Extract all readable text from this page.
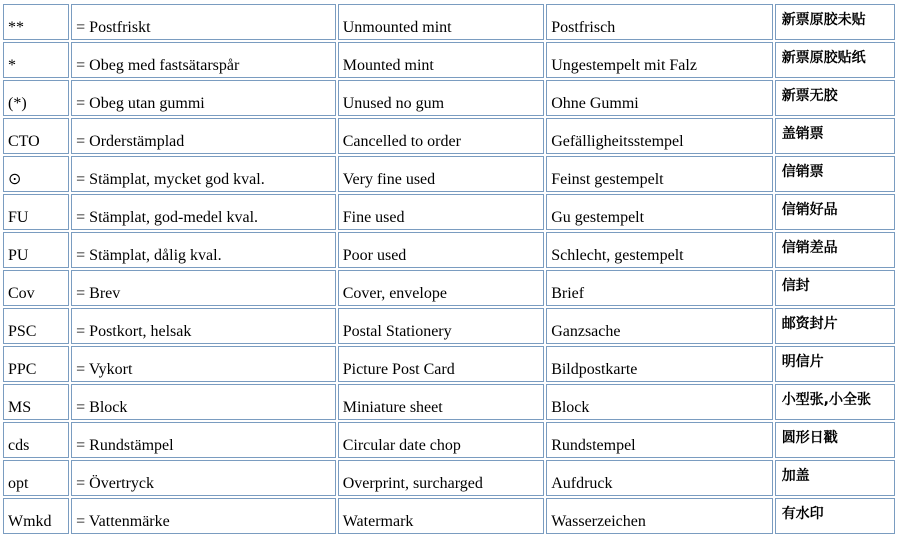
**	= Postfriskt	Unmounted mint	Postfrisch	新票原胶未贴
*	= Obeg med fastsätarspår	Mounted mint	Ungestempelt mit Falz	新票原胶贴纸
(*)	= Obeg utan gummi	Unused no gum	Ohne Gummi	新票无胶
CTO	= Orderstämplad	Cancelled to order	Gefälligheitsstempel	盖销票
⊙	= Stämplat, mycket god kval.	Very fine used	Feinst gestempelt	信销票
FU	= Stämplat, god-medel kval.	Fine used	Gu gestempelt	信销好品
PU	= Stämplat, dålig kval.	Poor used	Schlecht, gestempelt	信销差品
Cov	= Brev	Cover, envelope	Brief	信封
PSC	= Postkort, helsak	Postal Stationery	Ganzsache	邮资封片
PPC	= Vykort	Picture Post Card	Bildpostkarte	明信片
MS	= Block	Miniature sheet	Block	小型张,小全张
cds	= Rundstämpel	Circular date chop	Rundstempel	圆形日戳
opt	= Övertryck	Overprint, surcharged	Aufdruck	加盖
Wmkd	= Vattenmärke	Watermark	Wasserzeichen	有水印
